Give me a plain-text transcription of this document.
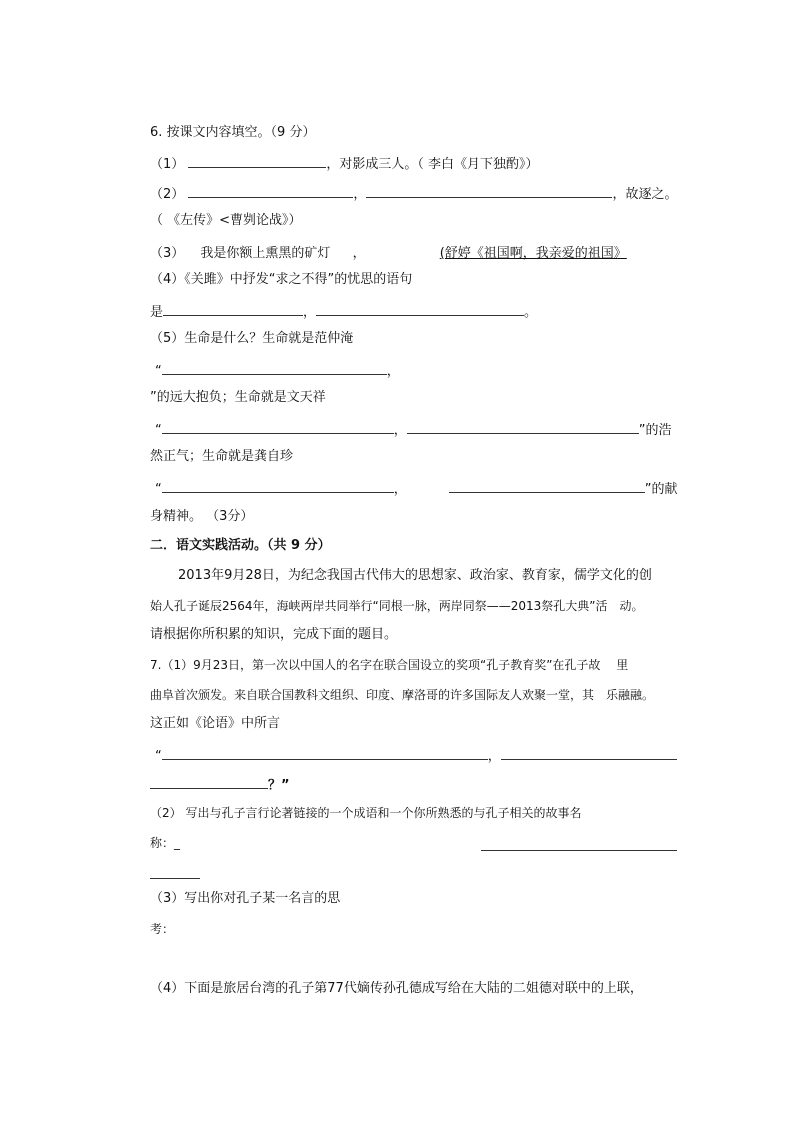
6. 按课文内容填空。（9 分）
（1）	，对影成三人。（ 李白《月下独酌》）
（2）	，	，故逐之。
（ 《左传》<曹刿论战》）
（3） 我是你额上熏黑的矿灯 ，	(舒婷《祖国啊，我亲爱的祖国》
（4）《关雎》中抒发“求之不得”的忧思的语句
是	，	。
（5）生命是什么？生命就是范仲淹
“	，
”的远大抱负；生命就是文天祥
“	，	”的浩
然正气；生命就是龚自珍
“	，	”的献
身精神。 （3分）
二．语文实践活动。（共 9 分）
2013年9月28日，为纪念我国古代伟大的思想家、政治家、教育家，儒学文化的创
始人孔子诞辰2564年，海峡两岸共同举行“同根一脉，两岸同祭——2013祭孔大典”活　动。
请根据你所积累的知识，完成下面的题目。
7.（1）9月23日，第一次以中国人的名字在联合国设立的奖项“孔子教育奖”在孔子故　 里
曲阜首次颁发。来自联合国教科文组织、印度、摩洛哥的许多国际友人欢聚一堂，其　乐融融。
这正如《论语》中所言
“	，
？”
（2） 写出与孔子言行论著链接的一个成语和一个你所熟悉的与孔子相关的故事名
称：_
（3）写出你对孔子某一名言的思
考：
（4）下面是旅居台湾的孔子第77代嫡传孙孔德成写给在大陆的二姐德对联中的上联，
